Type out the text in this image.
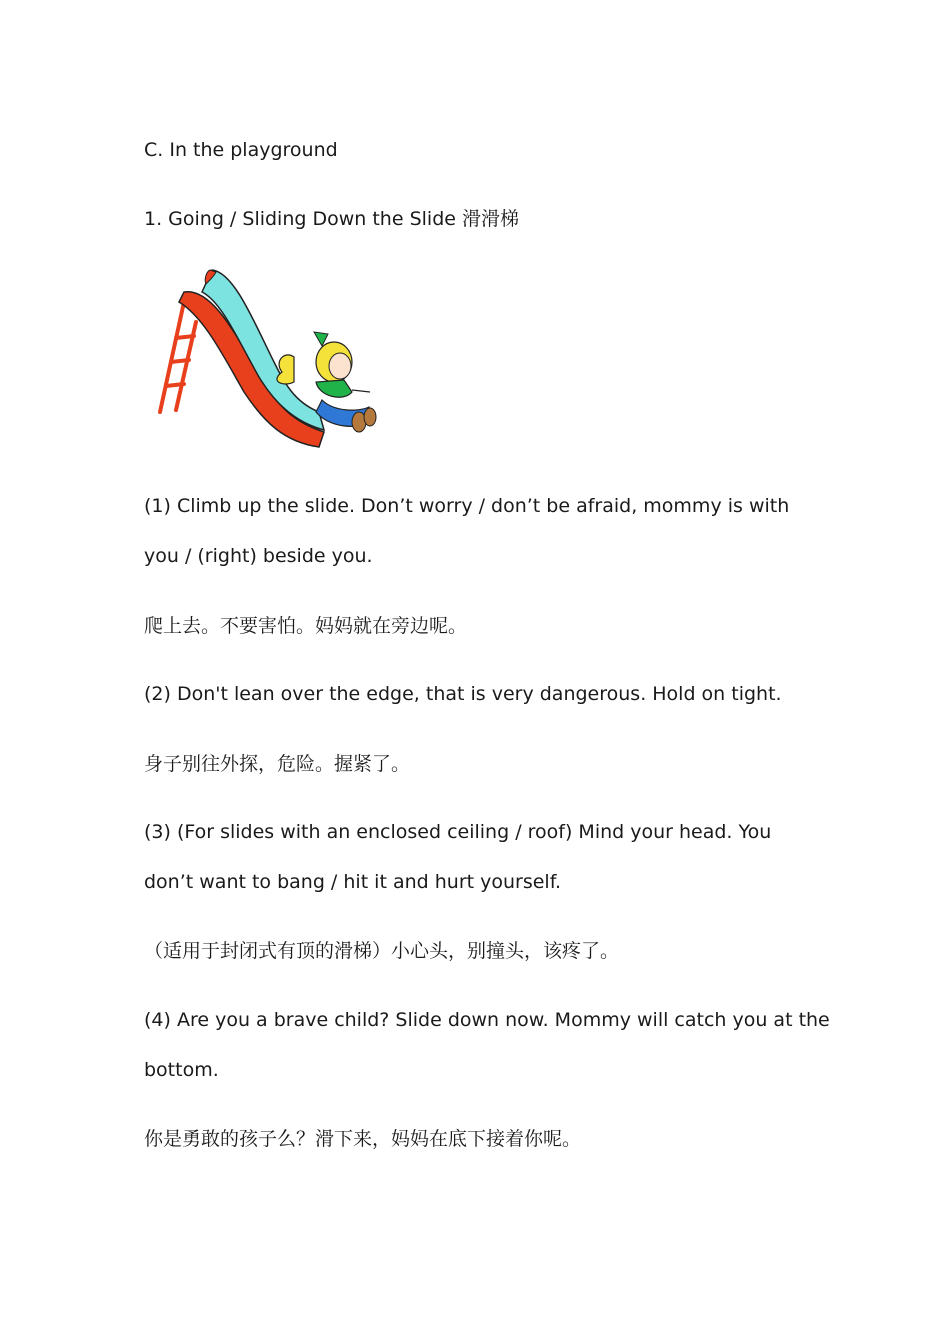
C. In the playground
1. Going / Sliding Down the Slide 滑滑梯
(1) Climb up the slide. Don’t worry / don’t be afraid, mommy is with
you / (right) beside you.
爬上去。不要害怕。妈妈就在旁边呢。
(2) Don't lean over the edge, that is very dangerous. Hold on tight.
身子别往外探，危险。握紧了。
(3) (For slides with an enclosed ceiling / roof) Mind your head. You
don’t want to bang / hit it and hurt yourself.
（适用于封闭式有顶的滑梯）小心头，别撞头，该疼了。
(4) Are you a brave child? Slide down now. Mommy will catch you at the
bottom.
你是勇敢的孩子么？滑下来，妈妈在底下接着你呢。
